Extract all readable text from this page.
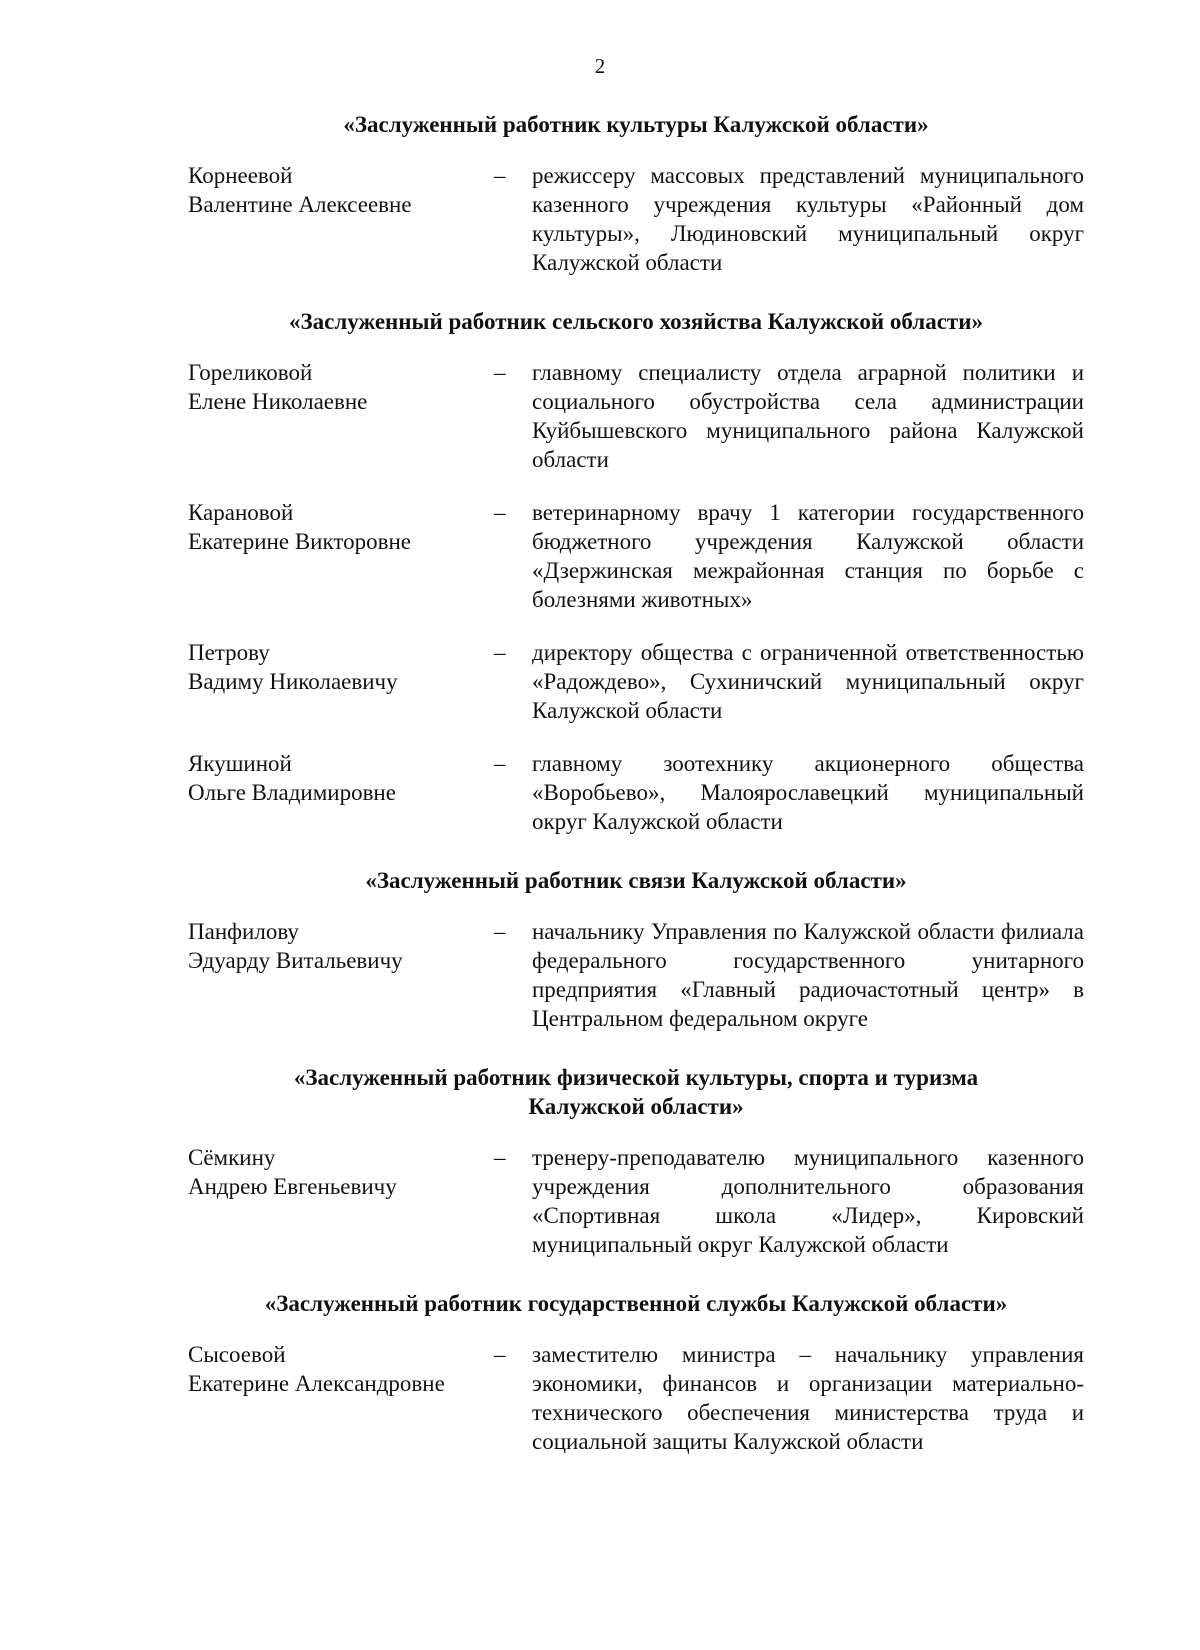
2
«Заслуженный работник культуры Калужской области»
Корнеевой
Валентине Алексеевне
–	режиссеру массовых представлений муниципального казенного учреждения культуры «Районный дом культуры», Людиновский муниципальный округ Калужской области
«Заслуженный работник сельского хозяйства Калужской области»
Гореликовой
Елене Николаевне
–	главному специалисту отдела аграрной политики и социального обустройства села администрации Куйбышевского муниципального района Калужской области
Карановой
Екатерине Викторовне
–	ветеринарному врачу 1 категории государственного бюджетного учреждения Калужской области «Дзержинская межрайонная станция по борьбе с болезнями животных»
Петрову
Вадиму Николаевичу
–	директору общества с ограниченной ответственностью «Радождево», Сухиничский муниципальный округ Калужской области
Якушиной
Ольге Владимировне
–	главному зоотехнику акционерного общества «Воробьево», Малоярославецкий муниципальный округ Калужской области
«Заслуженный работник связи Калужской области»
Панфилову
Эдуарду Витальевичу
–	начальнику Управления по Калужской области филиала федерального государственного унитарного предприятия «Главный радиочастотный центр» в Центральном федеральном округе
«Заслуженный работник физической культуры, спорта и туризма
Калужской области»
Сёмкину
Андрею Евгеньевичу
–	тренеру-преподавателю муниципального казенного учреждения дополнительного образования «Спортивная школа «Лидер», Кировский муниципальный округ Калужской области
«Заслуженный работник государственной службы Калужской области»
Сысоевой
Екатерине Александровне
–	заместителю министра – начальнику управления экономики, финансов и организации материально-технического обеспечения министерства труда и социальной защиты Калужской области
